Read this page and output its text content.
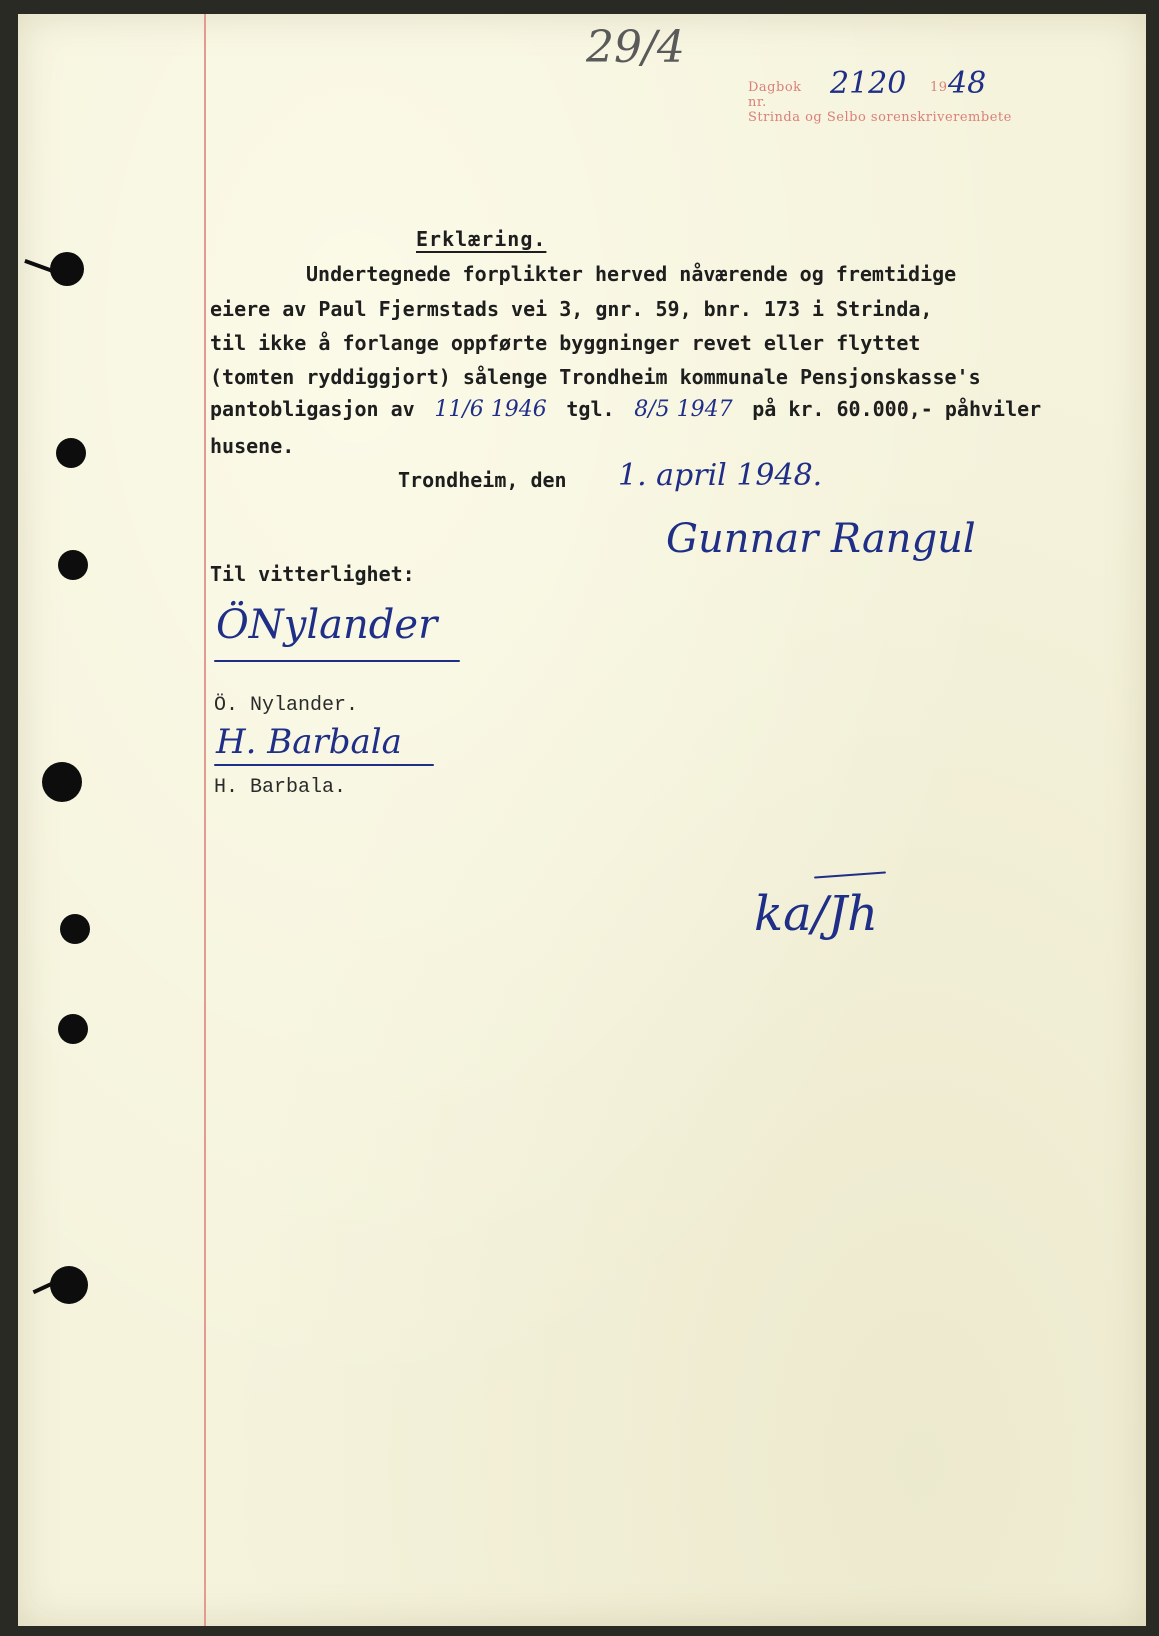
29/4
Dagbok nr.
2120 19 48
Strinda og Selbo sorenskriverembete
Erklæring.
Undertegnede forplikter herved nåværende og fremtidige
eiere av Paul Fjermstads vei 3, gnr. 59, bnr. 173 i Strinda,
til ikke å forlange oppførte byggninger revet eller flyttet
(tomten ryddiggjort) sålenge Trondheim kommunale Pensjonskasse's
pantobligasjon av 11/6 1946 tgl. 8/5 1947 på kr. 60.000,- påhviler
husene.
Trondheim, den 1. april 1948.
Gunnar Rangul
Til vitterlighet:
ÖNylander
Ö. Nylander.
H. Barbala
H. Barbala.
ka/Jh
